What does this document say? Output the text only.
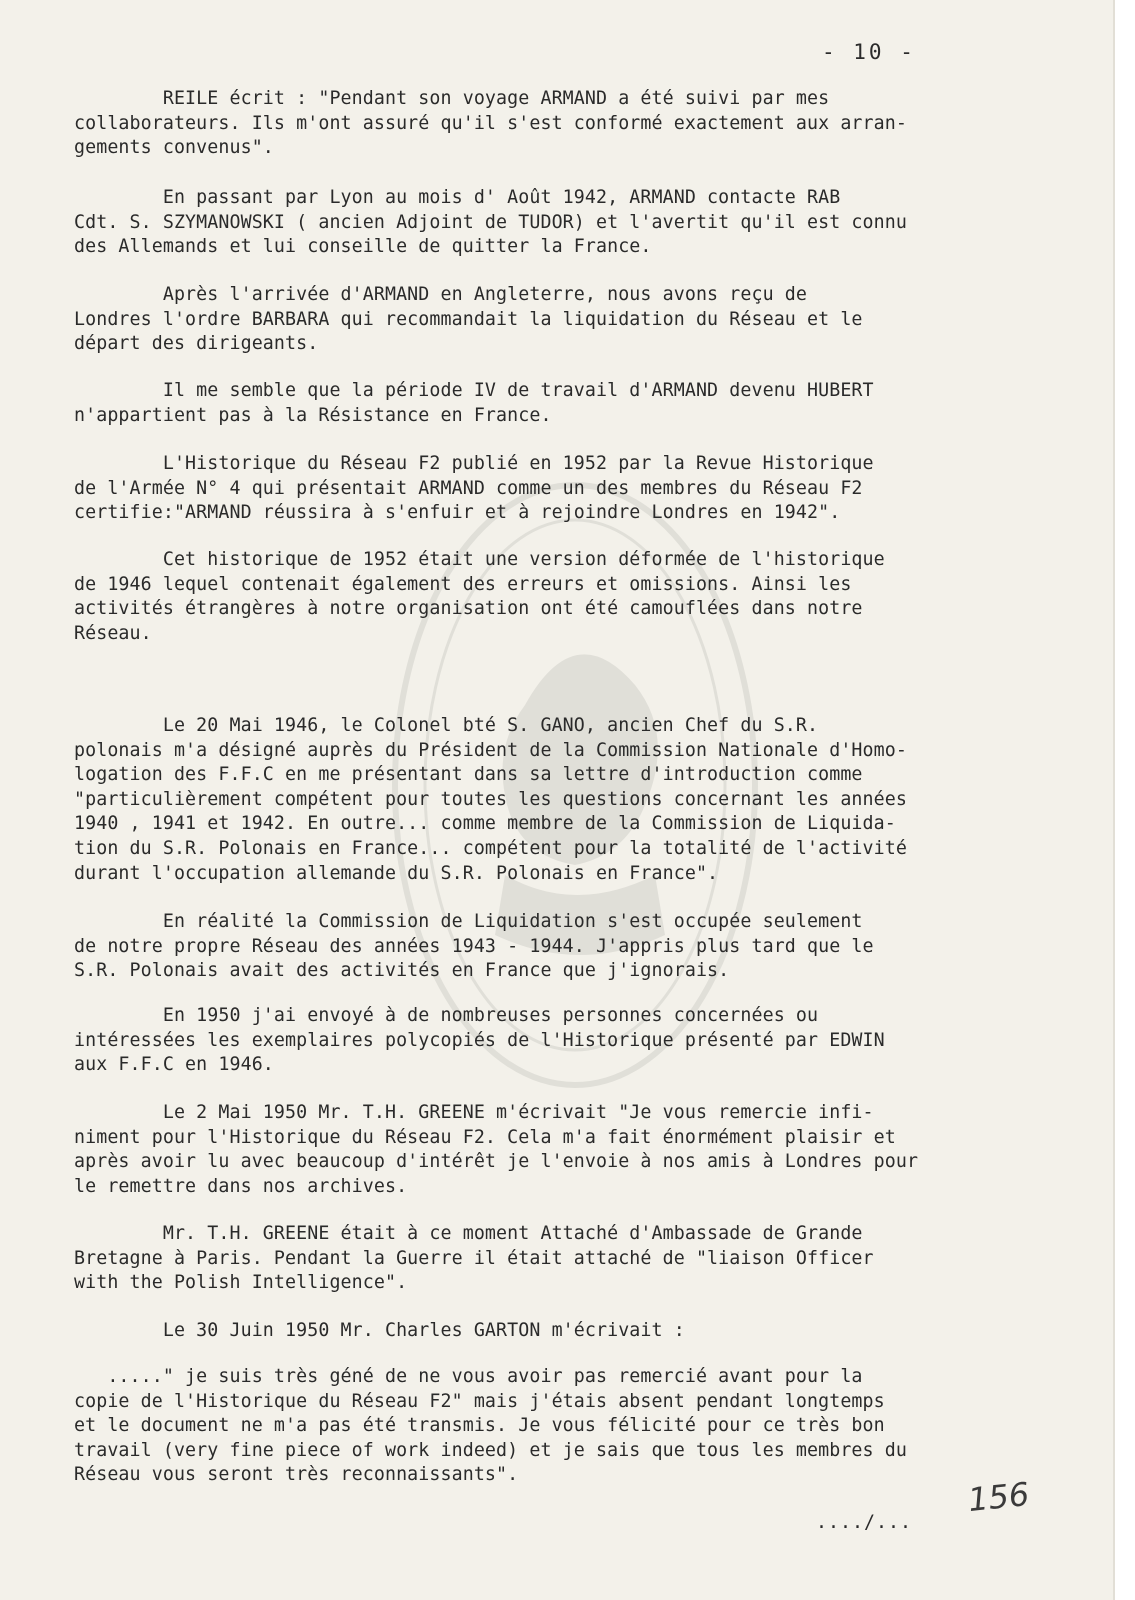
- 10 -
REILE écrit : "Pendant son voyage ARMAND a été suivi par mes
collaborateurs. Ils m'ont assuré qu'il s'est conformé exactement aux arran-
gements convenus".
En passant par Lyon au mois d' Août 1942, ARMAND contacte RAB
Cdt. S. SZYMANOWSKI ( ancien Adjoint de TUDOR) et l'avertit qu'il est connu
des Allemands et lui conseille de quitter la France.
Après l'arrivée d'ARMAND en Angleterre, nous avons reçu de
Londres l'ordre BARBARA qui recommandait la liquidation du Réseau et le
départ des dirigeants.
Il me semble que la période IV de travail d'ARMAND devenu HUBERT
n'appartient pas à la Résistance en France.
L'Historique du Réseau F2 publié en 1952 par la Revue Historique
de l'Armée N° 4 qui présentait ARMAND comme un des membres du Réseau F2
certifie:"ARMAND réussira à s'enfuir et à rejoindre Londres en 1942".
Cet historique de 1952 était une version déformée de l'historique
de 1946 lequel contenait également des erreurs et omissions. Ainsi les
activités étrangères à notre organisation ont été camouflées dans notre
Réseau.
Le 20 Mai 1946, le Colonel bté S. GANO, ancien Chef du S.R.
polonais m'a désigné auprès du Président de la Commission Nationale d'Homo-
logation des F.F.C en me présentant dans sa lettre d'introduction comme
"particulièrement compétent pour toutes les questions concernant les années
1940 , 1941 et 1942. En outre... comme membre de la Commission de Liquida-
tion du S.R. Polonais en France... compétent pour la totalité de l'activité
durant l'occupation allemande du S.R. Polonais en France".
En réalité la Commission de Liquidation s'est occupée seulement
de notre propre Réseau des années 1943 - 1944. J'appris plus tard que le
S.R. Polonais avait des activités en France que j'ignorais.
En 1950 j'ai envoyé à de nombreuses personnes concernées ou
intéressées les exemplaires polycopiés de l'Historique présenté par EDWIN
aux F.F.C en 1946.
Le 2 Mai 1950 Mr. T.H. GREENE m'écrivait "Je vous remercie infi-
niment pour l'Historique du Réseau F2. Cela m'a fait énormément plaisir et
après avoir lu avec beaucoup d'intérêt je l'envoie à nos amis à Londres pour
le remettre dans nos archives.
Mr. T.H. GREENE était à ce moment Attaché d'Ambassade de Grande
Bretagne à Paris. Pendant la Guerre il était attaché de "liaison Officer
with the Polish Intelligence".
Le 30 Juin 1950 Mr. Charles GARTON m'écrivait :
....." je suis très géné de ne vous avoir pas remercié avant pour la
copie de l'Historique du Réseau F2" mais j'étais absent pendant longtemps
et le document ne m'a pas été transmis. Je vous félicité pour ce très bon
travail (very fine piece of work indeed) et je sais que tous les membres du
Réseau vous seront très reconnaissants".
156
..../...
